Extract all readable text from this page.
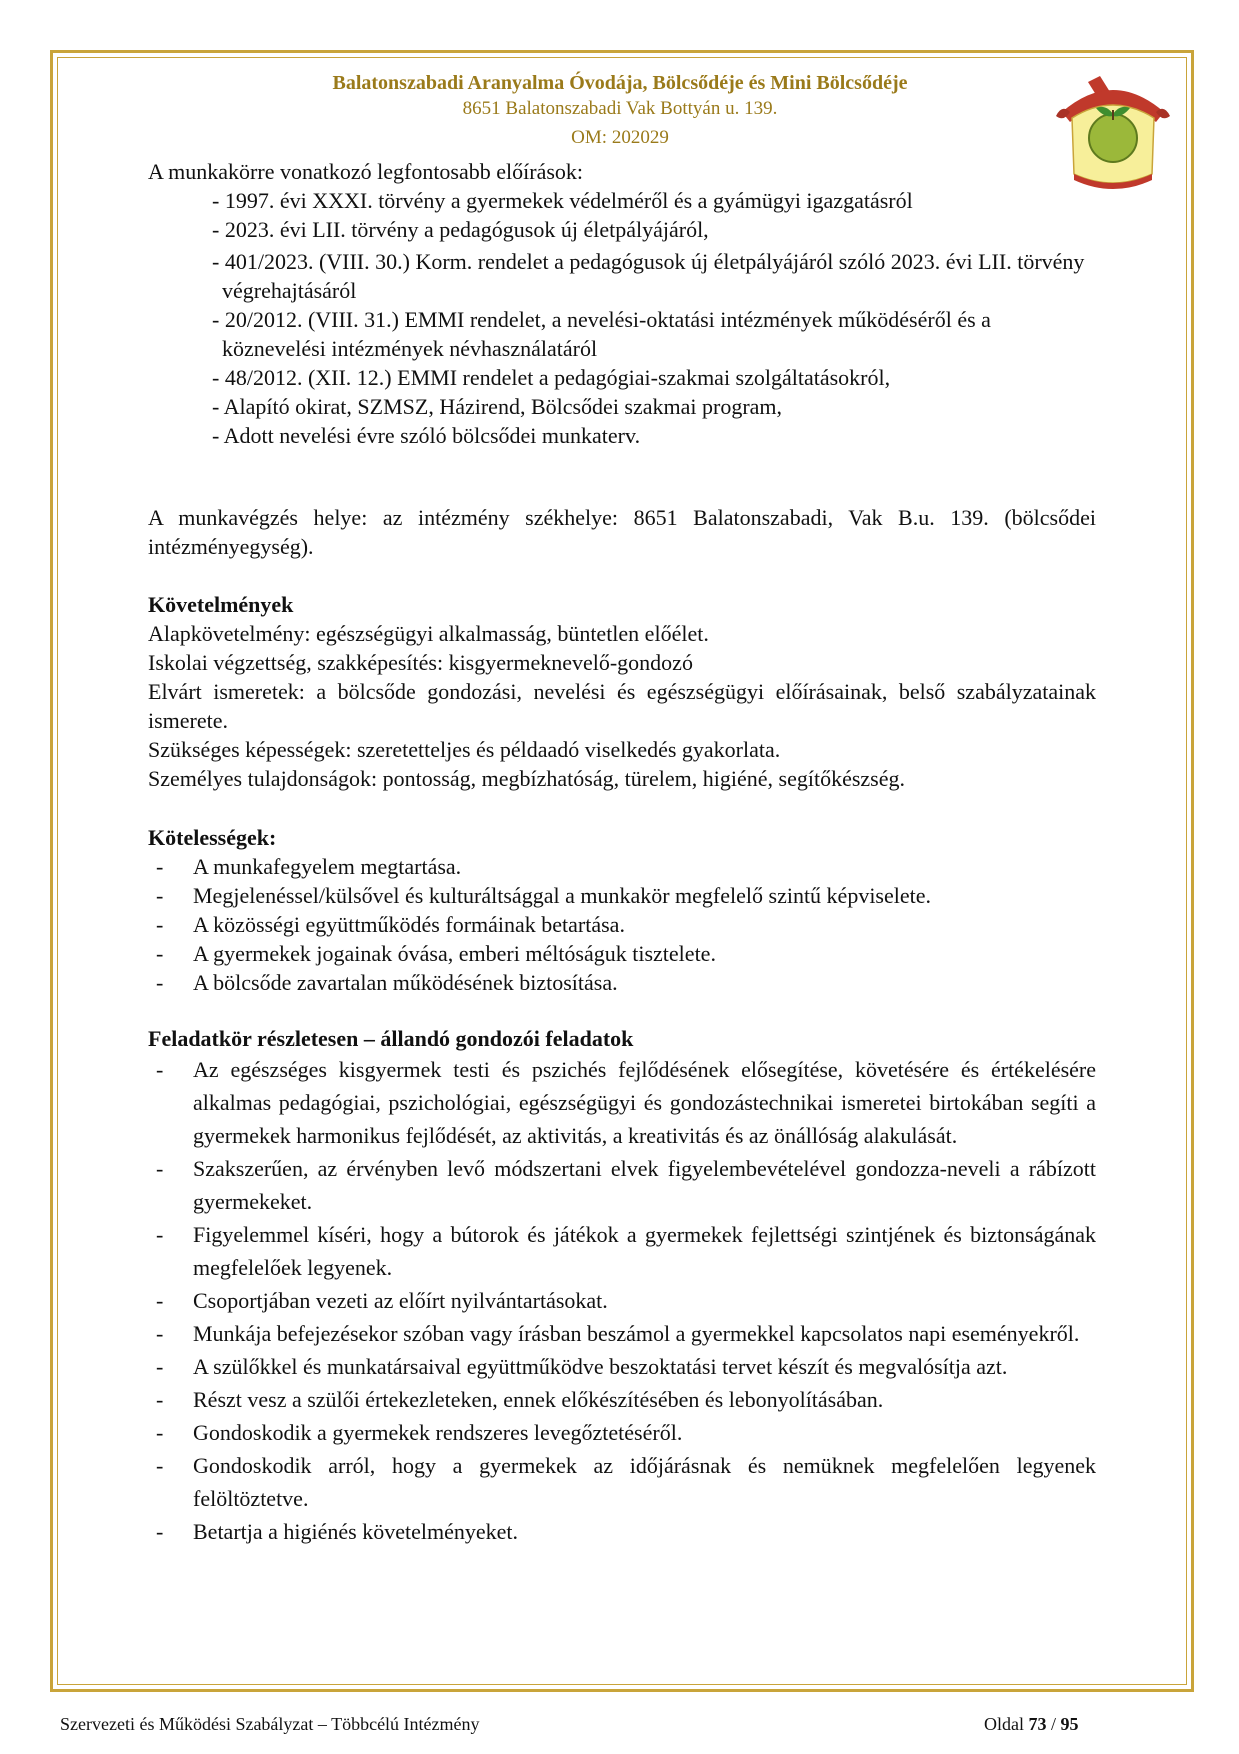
Balatonszabadi Aranyalma Óvodája, Bölcsődéje és Mini Bölcsődéje
8651 Balatonszabadi Vak Bottyán u. 139.
OM: 202029

A munkakörre vonatkozó legfontosabb előírások:

- 1997. évi XXXI. törvény a gyermekek védelméről és a gyámügyi igazgatásról

- 2023. évi LII. törvény a pedagógusok új életpályájáról,

- 401/2023. (VIII. 30.) Korm. rendelet a pedagógusok új életpályájáról szóló 2023. évi LII. törvény végrehajtásáról

- 20/2012. (VIII. 31.) EMMI rendelet, a nevelési-oktatási intézmények működéséről és a köznevelési intézmények névhasználatáról

- 48/2012. (XII. 12.) EMMI rendelet a pedagógiai-szakmai szolgáltatásokról,

- Alapító okirat, SZMSZ, Házirend, Bölcsődei szakmai program,

- Adott nevelési évre szóló bölcsődei munkaterv.

A munkavégzés helye: az intézmény székhelye: 8651 Balatonszabadi, Vak B.u. 139. (bölcsődei intézményegység).

Követelmények

Alapkövetelmény: egészségügyi alkalmasság, büntetlen előélet.

Iskolai végzettség, szakképesítés: kisgyermeknevelő-gondozó

Elvárt ismeretek: a bölcsőde gondozási, nevelési és egészségügyi előírásainak, belső szabályzatainak ismerete.

Szükséges képességek: szeretetteljes és példaadó viselkedés gyakorlata.

Személyes tulajdonságok: pontosság, megbízhatóság, türelem, higiéné, segítőkészség.

Kötelességek:

- A munkafegyelem megtartása.
- Megjelenéssel/külsővel és kulturáltsággal a munkakör megfelelő szintű képviselete.
- A közösségi együttműködés formáinak betartása.
- A gyermekek jogainak óvása, emberi méltóságuk tisztelete.
- A bölcsőde zavartalan működésének biztosítása.

Feladatkör részletesen – állandó gondozói feladatok

- Az egészséges kisgyermek testi és pszichés fejlődésének elősegítése, követésére és értékelésére alkalmas pedagógiai, pszichológiai, egészségügyi és gondozástechnikai ismeretei birtokában segíti a gyermekek harmonikus fejlődését, az aktivitás, a kreativitás és az önállóság alakulását.
- Szakszerűen, az érvényben levő módszertani elvek figyelembevételével gondozza-neveli a rábízott gyermekeket.
- Figyelemmel kíséri, hogy a bútorok és játékok a gyermekek fejlettségi szintjének és biztonságának megfelelőek legyenek.
- Csoportjában vezeti az előírt nyilvántartásokat.
- Munkája befejezésekor szóban vagy írásban beszámol a gyermekkel kapcsolatos napi eseményekről.
- A szülőkkel és munkatársaival együttműködve beszoktatási tervet készít és megvalósítja azt.
- Részt vesz a szülői értekezleteken, ennek előkészítésében és lebonyolításában.
- Gondoskodik a gyermekek rendszeres levegőztetéséről.
- Gondoskodik arról, hogy a gyermekek az időjárásnak és nemüknek megfelelően legyenek felöltöztetve.
- Betartja a higiénés követelményeket.
Szervezeti és Működési Szabályzat – Többcélú Intézmény	Oldal 73 / 95
